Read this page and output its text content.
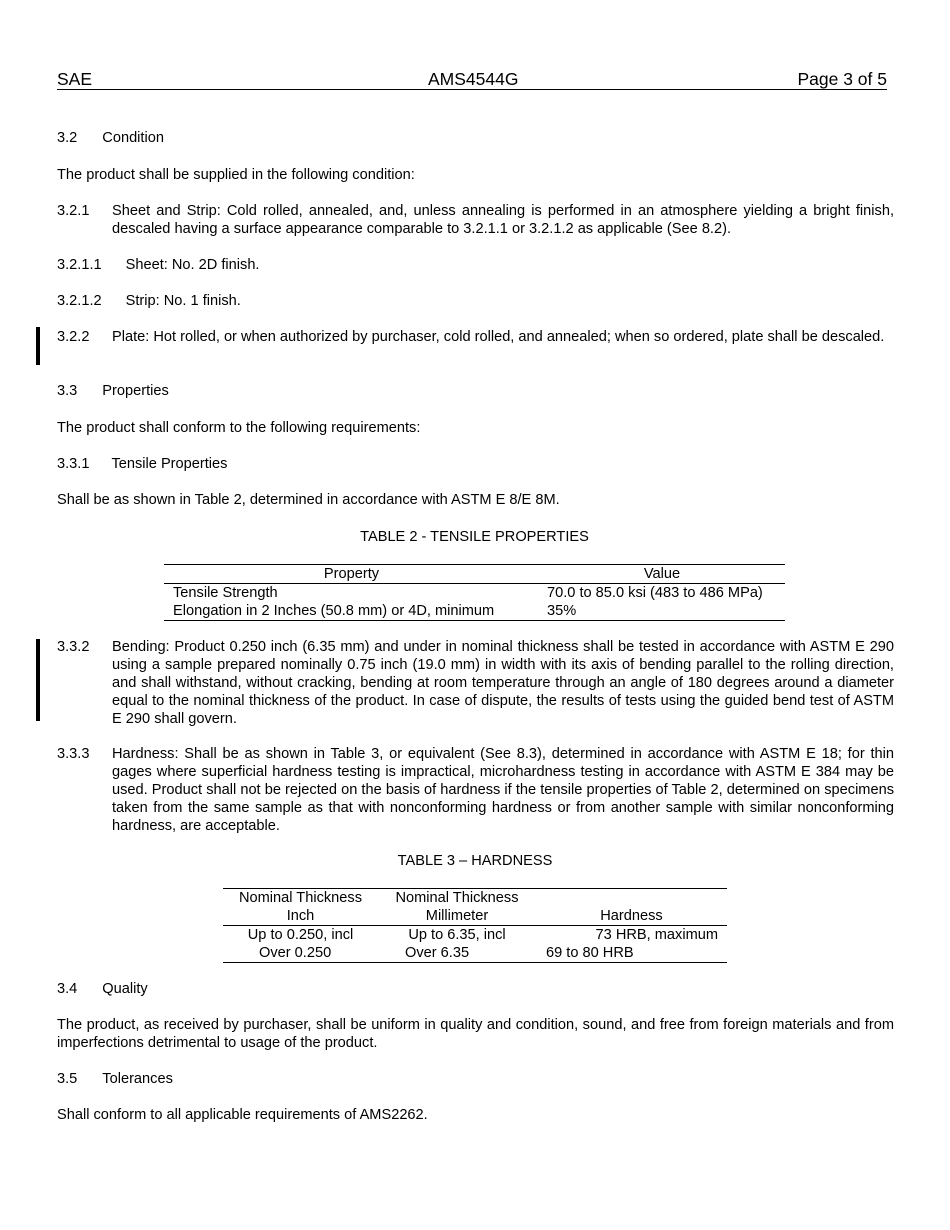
SAE	AMS4544G	Page 3 of 5
3.2 Condition
The product shall be supplied in the following condition:
3.2.1 Sheet and Strip: Cold rolled, annealed, and, unless annealing is performed in an atmosphere yielding a bright finish, descaled having a surface appearance comparable to 3.2.1.1 or 3.2.1.2 as applicable (See 8.2).
3.2.1.1 Sheet: No. 2D finish.
3.2.1.2 Strip: No. 1 finish.
3.2.2 Plate: Hot rolled, or when authorized by purchaser, cold rolled, and annealed; when so ordered, plate shall be descaled.
3.3 Properties
The product shall conform to the following requirements:
3.3.1 Tensile Properties
Shall be as shown in Table 2, determined in accordance with ASTM E 8/E 8M.
TABLE 2 - TENSILE PROPERTIES
Property	Value
Tensile Strength	70.0 to 85.0 ksi (483 to 486 MPa)
Elongation in 2 Inches (50.8 mm) or 4D, minimum	35%
3.3.2 Bending: Product 0.250 inch (6.35 mm) and under in nominal thickness shall be tested in accordance with ASTM E 290 using a sample prepared nominally 0.75 inch (19.0 mm) in width with its axis of bending parallel to the rolling direction, and shall withstand, without cracking, bending at room temperature through an angle of 180 degrees around a diameter equal to the nominal thickness of the product. In case of dispute, the results of tests using the guided bend test of ASTM E 290 shall govern.
3.3.3 Hardness: Shall be as shown in Table 3, or equivalent (See 8.3), determined in accordance with ASTM E 18; for thin gages where superficial hardness testing is impractical, microhardness testing in accordance with ASTM E 384 may be used. Product shall not be rejected on the basis of hardness if the tensile properties of Table 2, determined on specimens taken from the same sample as that with nonconforming hardness or from another sample with similar nonconforming hardness, are acceptable.
TABLE 3 – HARDNESS
Nominal Thickness	Nominal Thickness	
Inch	Millimeter	Hardness
Up to 0.250, incl	Up to 6.35, incl	73 HRB, maximum
Over 0.250	Over 6.35	69 to 80 HRB
3.4 Quality
The product, as received by purchaser, shall be uniform in quality and condition, sound, and free from foreign materials and from imperfections detrimental to usage of the product.
3.5 Tolerances
Shall conform to all applicable requirements of AMS2262.
